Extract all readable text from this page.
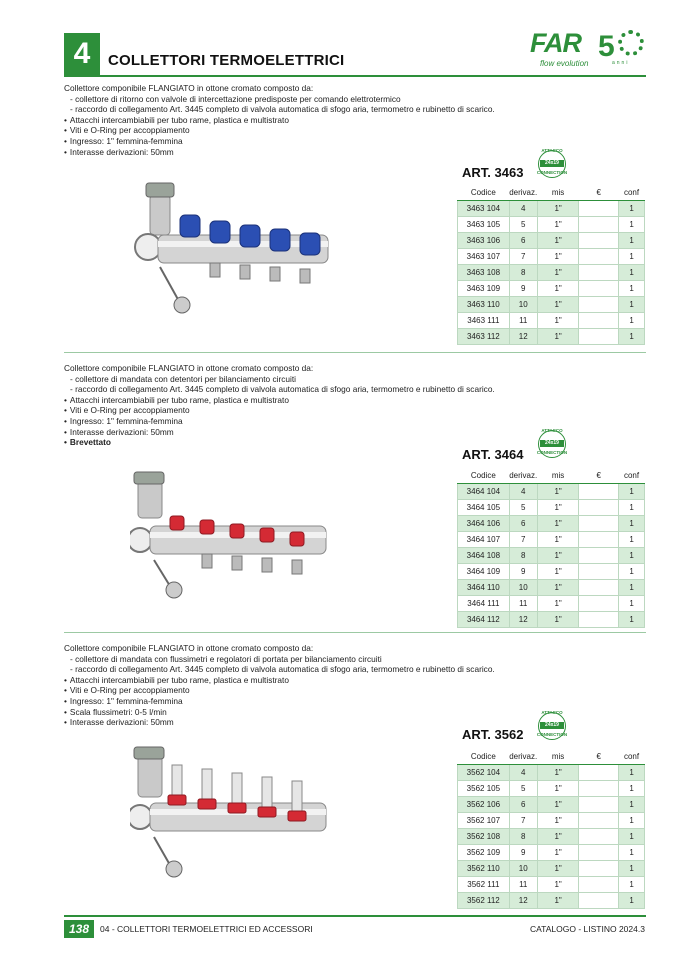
4	COLLETTORI TERMOELETTRICI
FAR 5
flow evolution	anni
Collettore componibile FLANGIATO in ottone cromato composto da:
- collettore di ritorno con valvole di intercettazione predisposte per comando elettrotermico
- raccordo di collegamento Art. 3445 completo di valvola automatica di sfogo aria, termometro e rubinetto di scarico.
• Attacchi intercambiabili per tubo rame, plastica e multistrato
• Viti e O-Ring per accoppiamento
• Ingresso: 1" femmina-femmina
• Interasse derivazioni: 50mm
ART. 3463
ATTACCO
24x19
CONNECTION
Codice	derivaz.	mis	€	conf
3463 104	4	1"		1
3463 105	5	1"		1
3463 106	6	1"		1
3463 107	7	1"		1
3463 108	8	1"		1
3463 109	9	1"		1
3463 110	10	1"		1
3463 111	11	1"		1
3463 112	12	1"		1
Collettore componibile FLANGIATO in ottone cromato composto da:
- collettore di mandata con detentori per bilanciamento circuiti
- raccordo di collegamento Art. 3445 completo di valvola automatica di sfogo aria, termometro e rubinetto di scarico.
• Attacchi intercambiabili per tubo rame, plastica e multistrato
• Viti e O-Ring per accoppiamento
• Ingresso: 1" femmina-femmina
• Interasse derivazioni: 50mm
• Brevettato
ART. 3464
ATTACCO
24x19
CONNECTION
Codice	derivaz.	mis	€	conf
3464 104	4	1"		1
3464 105	5	1"		1
3464 106	6	1"		1
3464 107	7	1"		1
3464 108	8	1"		1
3464 109	9	1"		1
3464 110	10	1"		1
3464 111	11	1"		1
3464 112	12	1"		1
Collettore componibile FLANGIATO in ottone cromato composto da:
- collettore di mandata con flussimetri e regolatori di portata per bilanciamento circuiti
- raccordo di collegamento Art. 3445 completo di valvola automatica di sfogo aria, termometro e rubinetto di scarico.
• Attacchi intercambiabili per tubo rame, plastica e multistrato
• Viti e O-Ring per accoppiamento
• Ingresso: 1" femmina-femmina
• Scala flussimetri: 0-5 l/min
• Interasse derivazioni: 50mm
ART. 3562
ATTACCO
24x19
CONNECTION
Codice	derivaz.	mis	€	conf
3562 104	4	1"		1
3562 105	5	1"		1
3562 106	6	1"		1
3562 107	7	1"		1
3562 108	8	1"		1
3562 109	9	1"		1
3562 110	10	1"		1
3562 111	11	1"		1
3562 112	12	1"		1
138	04 - COLLETTORI TERMOELETTRICI ED ACCESSORI	CATALOGO - LISTINO 2024.3
